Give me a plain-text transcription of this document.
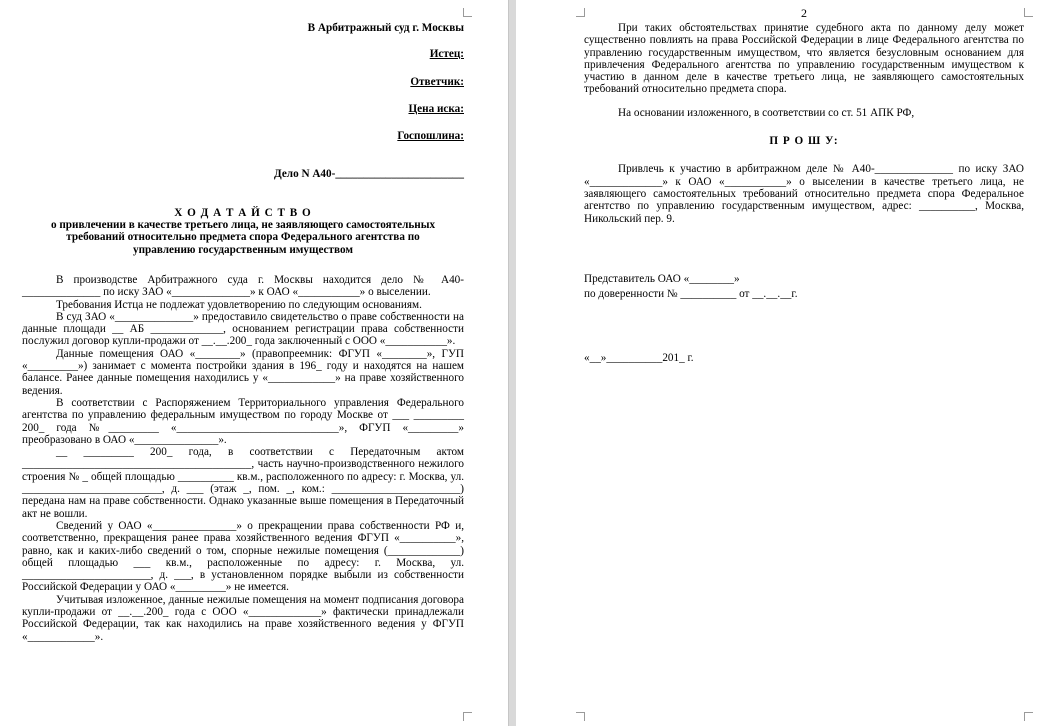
В Арбитражный суд г. Москвы

Истец:

Ответчик:

Цена иска:

Госпошлина:

Дело N А40-_______________________

Х О Д А Т А Й С Т В О

о привлечении в качестве третьего лица, не заявляющего самостоятельных требований относительно предмета спора Федерального агентства по управлению государственным имуществом

В производстве Арбитражного суда г. Москвы находится дело № А40-______________ по иску ЗАО «______________» к ОАО «___________» о выселении.

Требования Истца не подлежат удовлетворению по следующим основаниям.

В суд ЗАО «______________» предоставило свидетельство о праве собственности на данные площади __ АБ _____________, основанием регистрации права собственности послужил договор купли-продажи от __.__.200_ года заключенный с ООО «___________».

Данные помещения ОАО «________» (правопреемник: ФГУП «________», ГУП «_________») занимает с момента постройки здания в 196_ году и находятся на нашем балансе. Ранее данные помещения находились у «____________» на праве хозяйственного ведения.

В соответствии с Распоряжением Территориального управления Федерального агентства по управлению федеральным имуществом по городу Москве от ___ _________ 200_ года №_________ «_____________________________», ФГУП «_________» преобразовано в ОАО «_______________».

__ _________ 200_ года, в соответствии с Передаточным актом _________________________________________, часть научно-производственного нежилого строения № _ общей площадью __________ кв.м., расположенного по адресу: г. Москва, ул. _________________________, д. ___ (этаж _, пом. _, ком.: _______________________) передана нам на праве собственности. Однако указанные выше помещения в Передаточный акт не вошли.

Сведений у ОАО «_______________» о прекращении права собственности РФ и, соответственно, прекращения ранее права хозяйственного ведения ФГУП «__________», равно, как и каких-либо сведений о том, спорные нежилые помещения (_____________) общей площадью ___ кв.м., расположенные по адресу: г. Москва, ул. _______________________, д. ___, в установленном порядке выбыли из собственности Российской Федерации у ОАО «_________» не имеется.

Учитывая изложенное, данные нежилые помещения на момент подписания договора купли-продажи от __.__.200_ года с ООО «_____________» фактически принадлежали Российской Федерации, так как находились на праве хозяйственного ведения у ФГУП «____________».

2

При таких обстоятельствах принятие судебного акта по данному делу может существенно повлиять на права Российской Федерации в лице Федерального агентства по управлению государственным имуществом, что является безусловным основанием для привлечения Федерального агентства по управлению государственным имуществом к участию в данном деле в качестве третьего лица, не заявляющего самостоятельных требований относительно предмета спора.

На основании изложенного, в соответствии со ст. 51 АПК РФ,

П Р О Ш У:

Привлечь к участию в арбитражном деле № А40-______________ по иску ЗАО «_____________» к ОАО «___________» о выселении в качестве третьего лица, не заявляющего самостоятельных требований относительно предмета спора Федеральное агентство по управлению государственным имуществом, адрес: __________, Москва, Никольский пер. 9.

Представитель ОАО «________»

по доверенности № __________ от __.__.__г.

«__»__________201_ г.
